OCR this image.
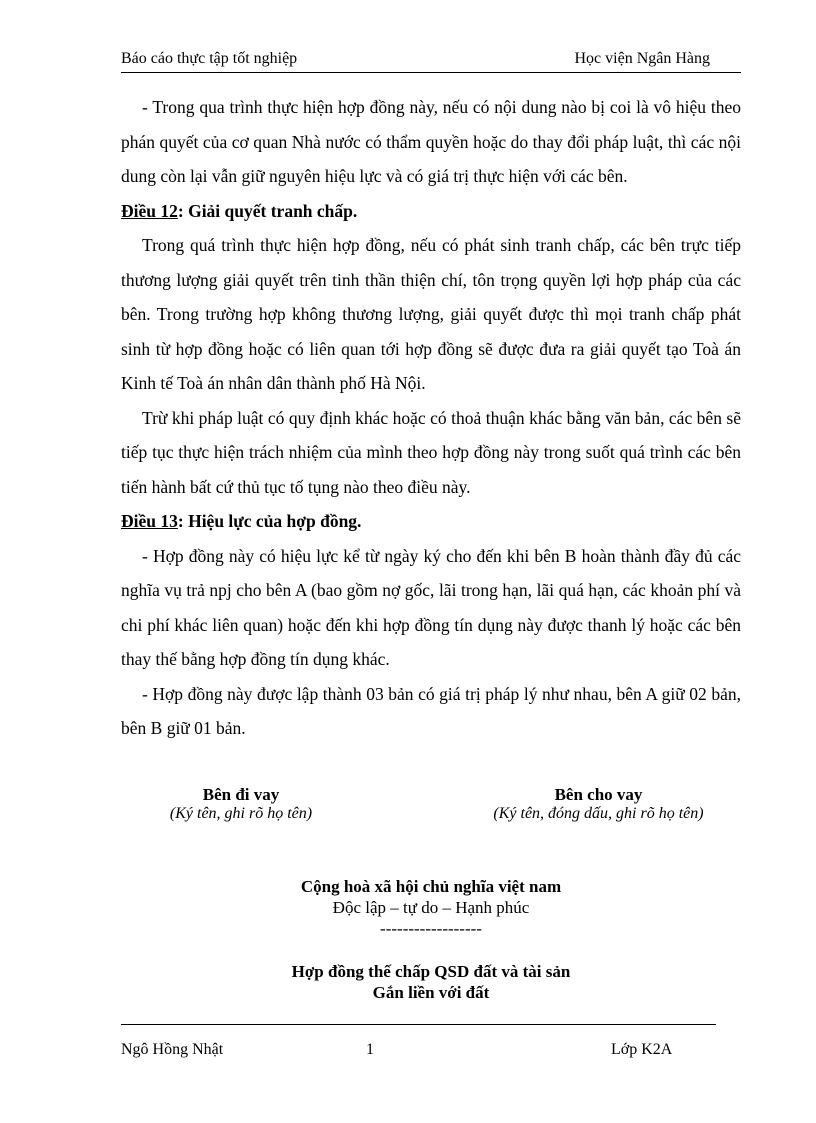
Báo cáo thực tập tốt nghiệp	Học viện Ngân Hàng

- Trong qua trình thực hiện hợp đồng này, nếu có nội dung nào bị coi là vô hiệu theo phán quyết của cơ quan Nhà nước có thẩm quyền hoặc do thay đổi pháp luật, thì các nội dung còn lại vẫn giữ nguyên hiệu lực và có giá trị thực hiện với các bên.

Điều 12: Giải quyết tranh chấp.

Trong quá trình thực hiện hợp đồng, nếu có phát sinh tranh chấp, các bên trực tiếp thương lượng giải quyết trên tinh thần thiện chí, tôn trọng quyền lợi hợp pháp của các bên. Trong trường hợp không thương lượng, giải quyết được thì mọi tranh chấp phát sinh từ hợp đồng hoặc có liên quan tới hợp đồng sẽ được đưa ra giải quyết tạo Toà án Kinh tế Toà án nhân dân thành phố Hà Nội.

Trừ khi pháp luật có quy định khác hoặc có thoả thuận khác bằng văn bản, các bên sẽ tiếp tục thực hiện trách nhiệm của mình theo hợp đồng này trong suốt quá trình các bên tiến hành bất cứ thủ tục tố tụng nào theo điều này.

Điều 13: Hiệu lực của hợp đồng.

- Hợp đồng này có hiệu lực kể từ ngày ký cho đến khi bên B hoàn thành đầy đủ các nghĩa vụ trả npj cho bên A (bao gồm nợ gốc, lãi trong hạn, lãi quá hạn, các khoản phí và chi phí khác liên quan) hoặc đến khi hợp đồng tín dụng này được thanh lý hoặc các bên thay thế bằng hợp đồng tín dụng khác.

- Hợp đồng này được lập thành 03 bản có giá trị pháp lý như nhau, bên A giữ 02 bản, bên B giữ 01 bản.

Bên đi vay
(Ký tên, ghi rõ họ tên)
Bên cho vay
(Ký tên, đóng dấu, ghi rõ họ tên)
Cộng hoà xã hội chủ nghĩa việt nam
Độc lập – tự do – Hạnh phúc
------------------
Hợp đồng thế chấp QSD đất và tài sản
Gắn liền với đất
Ngô Hồng Nhật	1	Lớp K2A
